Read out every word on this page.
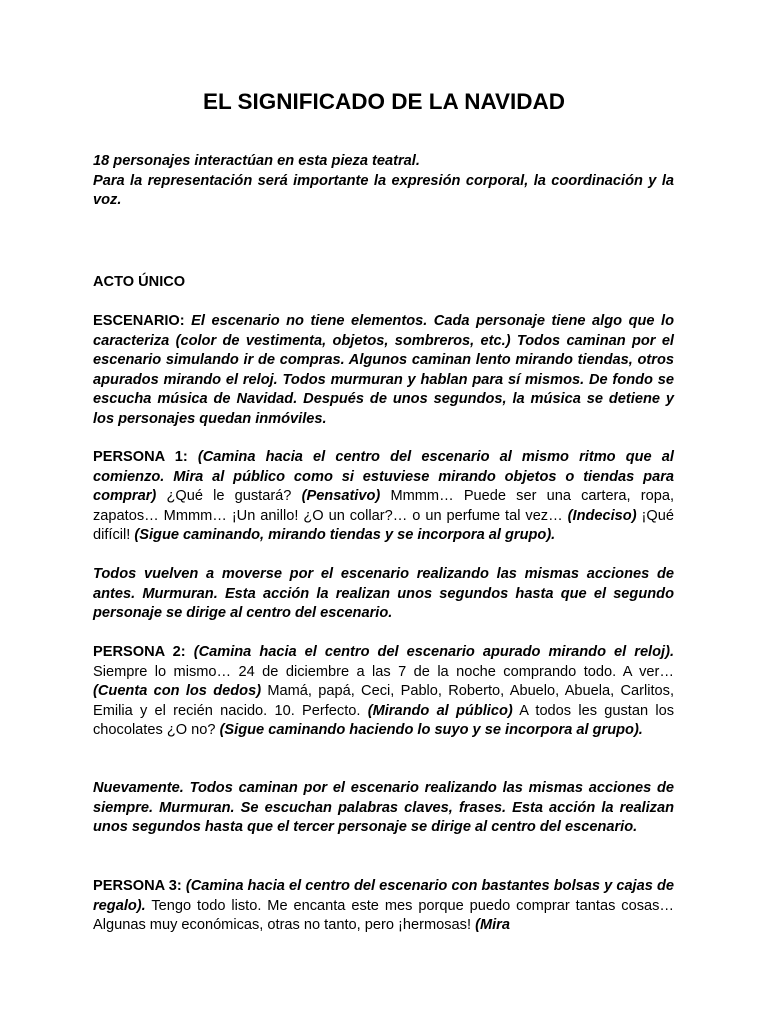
EL SIGNIFICADO DE LA NAVIDAD

18 personajes interactúan en esta pieza teatral.
Para la representación será importante la expresión corporal, la coordinación y la voz.

ACTO ÚNICO

ESCENARIO: El escenario no tiene elementos. Cada personaje tiene algo que lo caracteriza (color de vestimenta, objetos, sombreros, etc.) Todos caminan por el escenario simulando ir de compras. Algunos caminan lento mirando tiendas, otros apurados mirando el reloj. Todos murmuran y hablan para sí mismos. De fondo se escucha música de Navidad. Después de unos segundos, la música se detiene y los personajes quedan inmóviles.

PERSONA 1: (Camina hacia el centro del escenario al mismo ritmo que al comienzo. Mira al público como si estuviese mirando objetos o tiendas para comprar) ¿Qué le gustará? (Pensativo) Mmmm… Puede ser una cartera, ropa, zapatos… Mmmm… ¡Un anillo! ¿O un collar?… o un perfume tal vez… (Indeciso) ¡Qué difícil! (Sigue caminando, mirando tiendas y se incorpora al grupo).

Todos vuelven a moverse por el escenario realizando las mismas acciones de antes. Murmuran. Esta acción la realizan unos segundos hasta que el segundo personaje se dirige al centro del escenario.

PERSONA 2: (Camina hacia el centro del escenario apurado mirando el reloj). Siempre lo mismo… 24 de diciembre a las 7 de la noche comprando todo. A ver… (Cuenta con los dedos) Mamá, papá, Ceci, Pablo, Roberto, Abuelo, Abuela, Carlitos, Emilia y el recién nacido. 10. Perfecto. (Mirando al público) A todos les gustan los chocolates ¿O no? (Sigue caminando haciendo lo suyo y se incorpora al grupo).

Nuevamente. Todos caminan por el escenario realizando las mismas acciones de siempre. Murmuran. Se escuchan palabras claves, frases. Esta acción la realizan unos segundos hasta que el tercer personaje se dirige al centro del escenario.

PERSONA 3: (Camina hacia el centro del escenario con bastantes bolsas y cajas de regalo). Tengo todo listo. Me encanta este mes porque puedo comprar tantas cosas… Algunas muy económicas, otras no tanto, pero ¡hermosas! (Mira
